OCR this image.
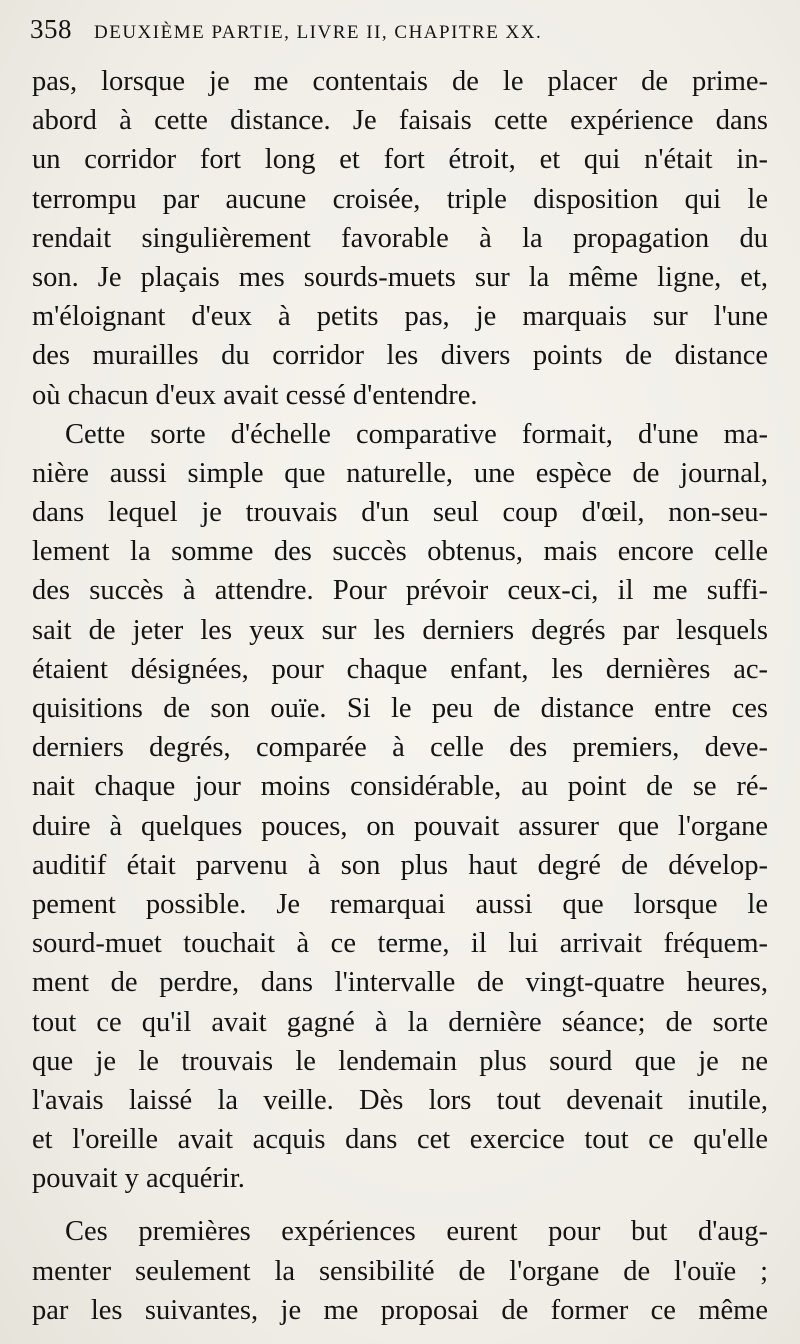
358 DEUXIÈME PARTIE, LIVRE II, CHAPITRE XX.
pas, lorsque je me contentais de le placer de prime-
abord à cette distance. Je faisais cette expérience dans
un corridor fort long et fort étroit, et qui n'était in-
terrompu par aucune croisée, triple disposition qui le
rendait singulièrement favorable à la propagation du
son. Je plaçais mes sourds-muets sur la même ligne, et,
m'éloignant d'eux à petits pas, je marquais sur l'une
des murailles du corridor les divers points de distance
où chacun d'eux avait cessé d'entendre.
Cette sorte d'échelle comparative formait, d'une ma-
nière aussi simple que naturelle, une espèce de journal,
dans lequel je trouvais d'un seul coup d'œil, non-seu-
lement la somme des succès obtenus, mais encore celle
des succès à attendre. Pour prévoir ceux-ci, il me suffi-
sait de jeter les yeux sur les derniers degrés par lesquels
étaient désignées, pour chaque enfant, les dernières ac-
quisitions de son ouïe. Si le peu de distance entre ces
derniers degrés, comparée à celle des premiers, deve-
nait chaque jour moins considérable, au point de se ré-
duire à quelques pouces, on pouvait assurer que l'organe
auditif était parvenu à son plus haut degré de dévelop-
pement possible. Je remarquai aussi que lorsque le
sourd-muet touchait à ce terme, il lui arrivait fréquem-
ment de perdre, dans l'intervalle de vingt-quatre heures,
tout ce qu'il avait gagné à la dernière séance; de sorte
que je le trouvais le lendemain plus sourd que je ne
l'avais laissé la veille. Dès lors tout devenait inutile,
et l'oreille avait acquis dans cet exercice tout ce qu'elle
pouvait y acquérir.
Ces premières expériences eurent pour but d'aug-
menter seulement la sensibilité de l'organe de l'ouïe ;
par les suivantes, je me proposai de former ce même
